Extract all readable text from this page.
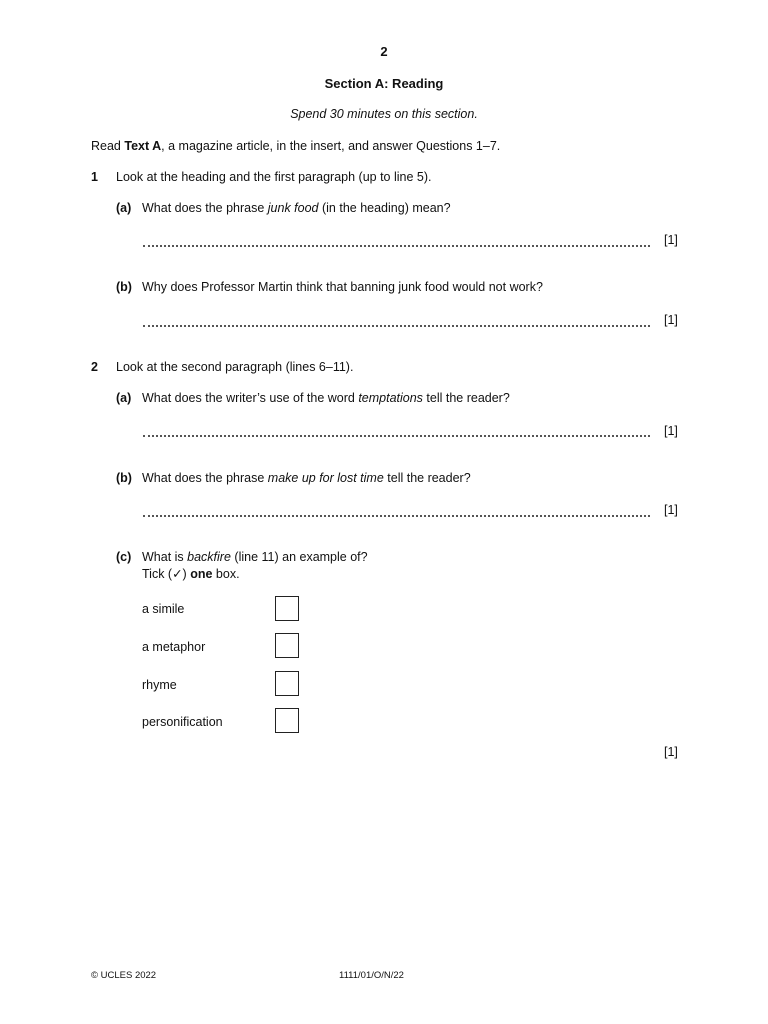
2
Section A: Reading
Spend 30 minutes on this section.
Read Text A, a magazine article, in the insert, and answer Questions 1–7.
1 Look at the heading and the first paragraph (up to line 5).
(a) What does the phrase junk food (in the heading) mean?
[1]
(b) Why does Professor Martin think that banning junk food would not work?
[1]
2 Look at the second paragraph (lines 6–11).
(a) What does the writer’s use of the word temptations tell the reader?
[1]
(b) What does the phrase make up for lost time tell the reader?
[1]
(c) What is backfire (line 11) an example of?
Tick (✓) one box.
a simile
a metaphor
rhyme
personification
[1]
© UCLES 2022	1111/01/O/N/22
